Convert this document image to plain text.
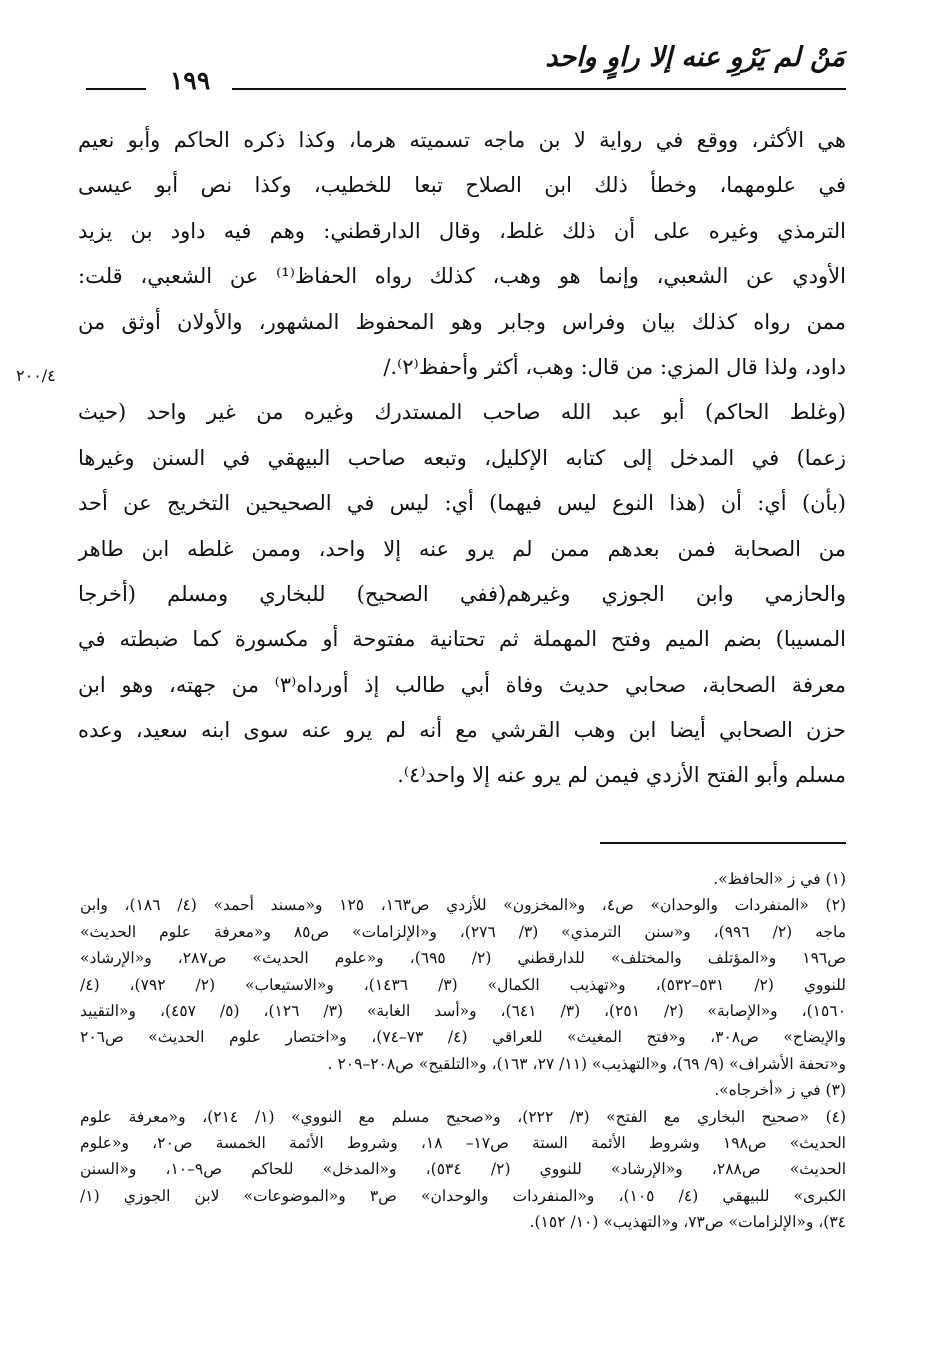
مَنْ لم يَرْوِ عنه إلا راوٍ واحد
١٩٩
٢٠٠/٤
هي الأكثر، ووقع في رواية لا بن ماجه تسميته هرما، وكذا ذكره الحاكم وأبو نعيم
في علومهما، وخطأ ذلك ابن الصلاح تبعا للخطيب، وكذا نص أبو عيسى
الترمذي وغيره على أن ذلك غلط، وقال الدارقطني: وهم فيه داود بن يزيد
الأودي عن الشعبي، وإنما هو وهب، كذلك رواه الحفاظ⁽¹⁾ عن الشعبي، قلت:
ممن رواه كذلك بيان وفراس وجابر وهو المحفوظ المشهور، والأولان أوثق من
داود، ولذا قال المزي: من قال: وهب، أكثر وأحفظ⁽٢⁾./
(وغلط الحاكم) أبو عبد الله صاحب المستدرك وغيره من غير واحد (حيث
زعما) في المدخل إلى كتابه الإكليل، وتبعه صاحب البيهقي في السنن وغيرها
(بأن) أي: أن (هذا النوع ليس فيهما) أي: ليس في الصحيحين التخريج عن أحد
من الصحابة فمن بعدهم ممن لم يرو عنه إلا واحد، وممن غلطه ابن طاهر
والحازمي وابن الجوزي وغيرهم(ففي الصحيح) للبخاري ومسلم (أخرجا
المسيبا) بضم الميم وفتح المهملة ثم تحتانية مفتوحة أو مكسورة كما ضبطته في
معرفة الصحابة، صحابي حديث وفاة أبي طالب إذ أورداه⁽٣⁾ من جهته، وهو ابن
حزن الصحابي أيضا ابن وهب القرشي مع أنه لم يرو عنه سوى ابنه سعيد، وعده
مسلم وأبو الفتح الأزدي فيمن لم يرو عنه إلا واحد⁽٤⁾.
(١) في ز «الحافظ».
(٢) «المنفردات والوحدان» ص٤، و«المخزون» للأزدي ص١٦٣، ١٢٥ و«مسند أحمد» (٤/ ١٨٦)، وابن
ماجه (٢/ ٩٩٦)، و«سنن الترمذي» (٣/ ٢٧٦)، و«الإلزامات» ص٨٥ و«معرفة علوم الحديث»
ص١٩٦ و«المؤتلف والمختلف» للدارقطني (٢/ ٦٩٥)، و«علوم الحديث» ص٢٨٧، و«الإرشاد»
للنووي (٢/ ٥٣١–٥٣٢)، و«تهذيب الكمال» (٣/ ١٤٣٦)، و«الاستيعاب» (٢/ ٧٩٢)، (٤/
١٥٦٠)، و«الإصابة» (٢/ ٢٥١)، (٣/ ٦٤١)، و«أسد الغابة» (٣/ ١٢٦)، (٥/ ٤٥٧)، و«التقييد
والإيضاح» ص٣٠٨، و«فتح المغيث» للعراقي (٤/ ٧٣–٧٤)، و«اختصار علوم الحديث» ص٢٠٦
و«تحفة الأشراف» (٩/ ٦٩)، و«التهذيب» (١١/ ٢٧، ١٦٣)، و«التلقيح» ص٢٠٨–٢٠٩ .
(٣) في ز «أخرجاه».
(٤) «صحيح البخاري مع الفتح» (٣/ ٢٢٢)، و«صحيح مسلم مع النووي» (١/ ٢١٤)، و«معرفة علوم
الحديث» ص١٩٨ وشروط الأئمة الستة ص١٧– ١٨، وشروط الأئمة الخمسة ص٢٠، و«علوم
الحديث» ص٢٨٨، و«الإرشاد» للنووي (٢/ ٥٣٤)، و«المدخل» للحاكم ص٩–١٠، و«السنن
الكبرى» للبيهقي (٤/ ١٠٥)، و«المنفردات والوحدان» ص٣ و«الموضوعات» لابن الجوزي (١/
٣٤)، و«الإلزامات» ص٧٣، و«التهذيب» (١٠/ ١٥٢).
